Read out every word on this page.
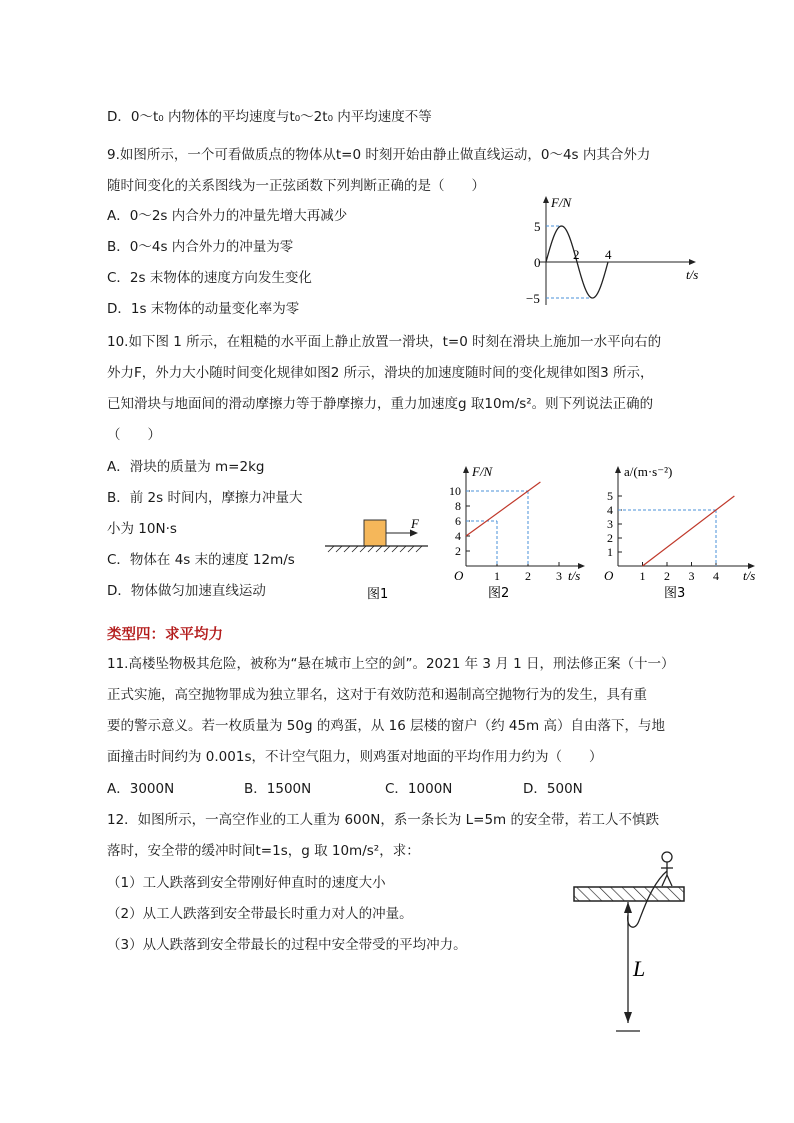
D．0～t₀ 内物体的平均速度与t₀～2t₀ 内平均速度不等
9.如图所示，一个可看做质点的物体从t=0 时刻开始由静止做直线运动，0～4s 内其合外力
随时间变化的关系图线为一正弦函数下列判断正确的是（　　）
A．0～2s 内合外力的冲量先增大再减少
B．0～4s 内合外力的冲量为零
C．2s 末物体的速度方向发生变化
D．1s 末物体的动量变化率为零
5
−5
0
2 4
F/N
t/s
10.如下图 1 所示，在粗糙的水平面上静止放置一滑块，t=0 时刻在滑块上施加一水平向右的
外力F，外力大小随时间变化规律如图2 所示，滑块的加速度随时间的变化规律如图3 所示，
已知滑块与地面间的滑动摩擦力等于静摩擦力，重力加速度g 取10m/s²。则下列说法正确的
（　　）
A．滑块的质量为 m=2kg
B．前 2s 时间内，摩擦力冲量大
小为 10N·s
C．物体在 4s 末的速度 12m/s
D．物体做匀加速直线运动
F
图1
2
4
6
8
10
1 2 3
O
F/N
t/s
图2
1
2
3
4
5
1 2 3 4
O
a/(m·s⁻²)
t/s
图3
类型四：求平均力
11.高楼坠物极其危险，被称为“悬在城市上空的剑”。2021 年 3 月 1 日，刑法修正案（十一）
正式实施，高空抛物罪成为独立罪名，这对于有效防范和遏制高空抛物行为的发生，具有重
要的警示意义。若一枚质量为 50g 的鸡蛋，从 16 层楼的窗户（约 45m 高）自由落下，与地
面撞击时间约为 0.001s，不计空气阻力，则鸡蛋对地面的平均作用力约为（　　）
A．3000N	B．1500N	C．1000N	D．500N
12．如图所示，一高空作业的工人重为 600N，系一条长为 L=5m 的安全带，若工人不慎跌
落时，安全带的缓冲时间t=1s，g 取 10m/s²，求：
（1）工人跌落到安全带刚好伸直时的速度大小
（2）从工人跌落到安全带最长时重力对人的冲量。
（3）从人跌落到安全带最长的过程中安全带受的平均冲力。
L
